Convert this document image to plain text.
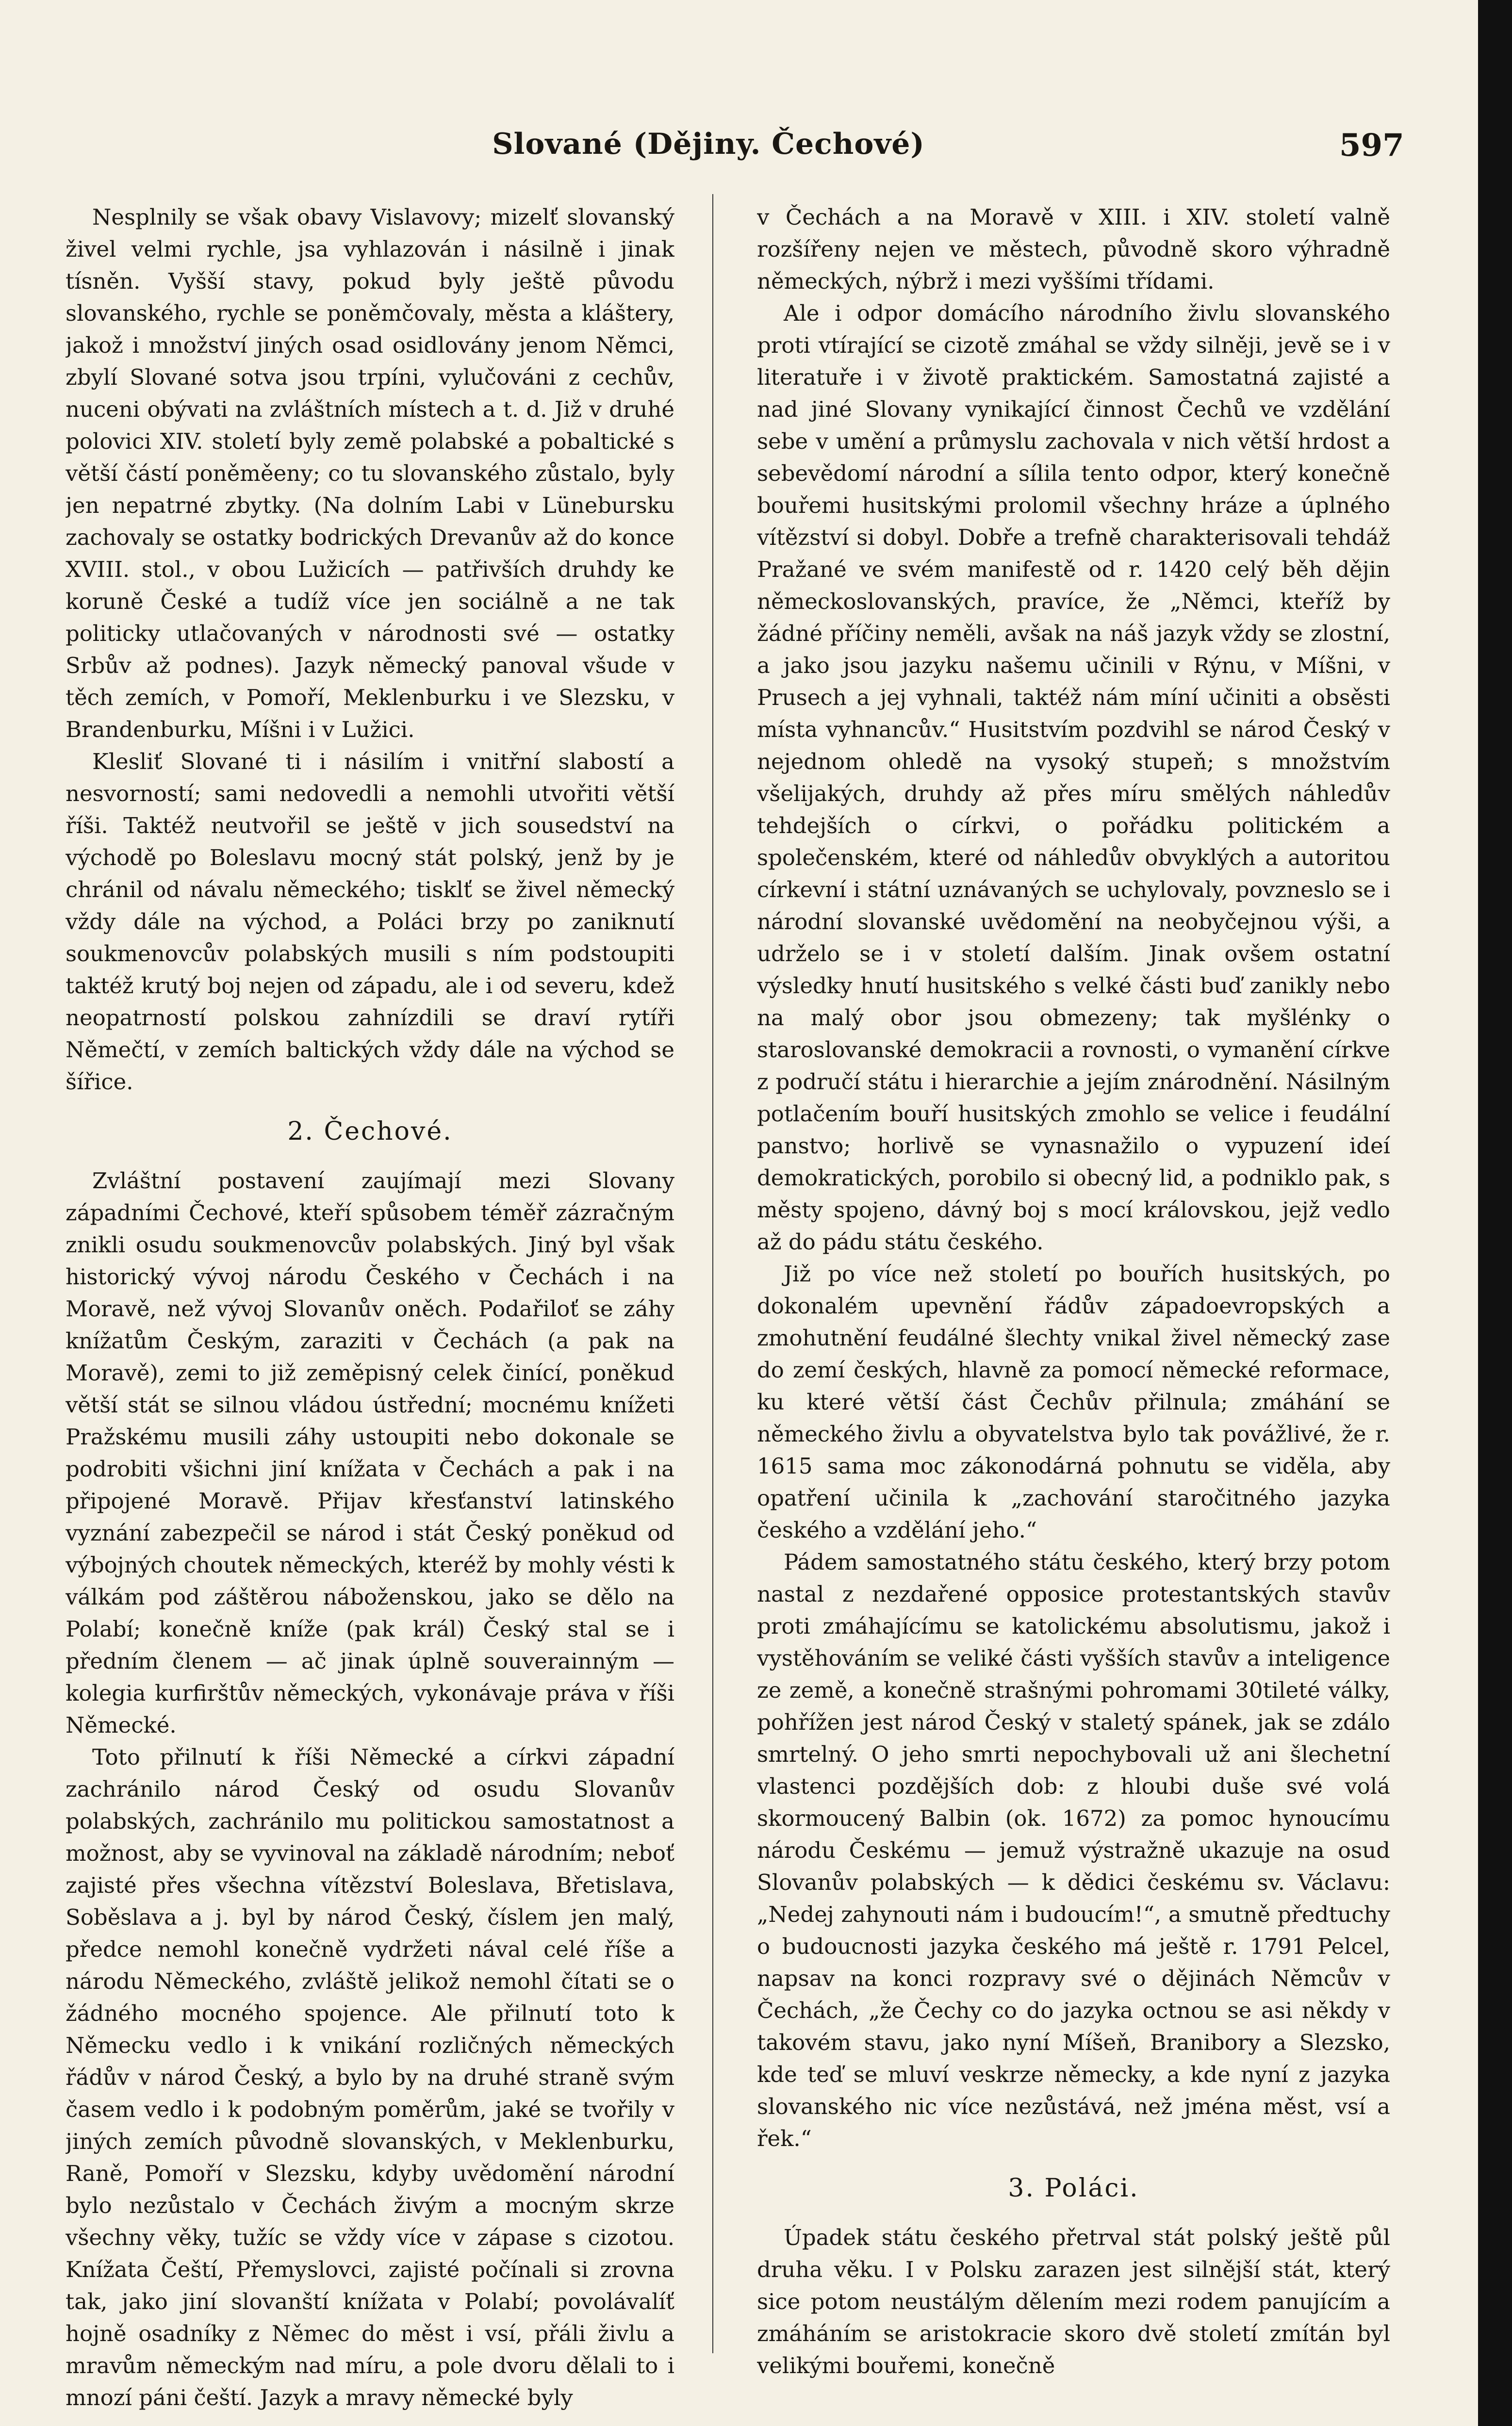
Slované (Dějiny. Čechové)	597

Nesplnily se však obavy Vislavovy; mizelť slovanský živel velmi rychle, jsa vyhlazován i násilně i jinak tísněn. Vyšší stavy, pokud byly ještě původu slovanského, rychle se poněmčovaly, města a kláštery, jakož i množství jiných osad osidlovány jenom Němci, zbylí Slované sotva jsou trpíni, vylučováni z cechův, nuceni obývati na zvláštních místech a t. d. Již v druhé polovici XIV. století byly země polabské a pobaltické s větší částí poněměeny; co tu slovanského zůstalo, byly jen nepatrné zbytky. (Na dolním Labi v Lünebursku zachovaly se ostatky bodrických Drevanův až do konce XVIII. stol., v obou Lužicích — patřivších druhdy ke koruně České a tudíž více jen sociálně a ne tak politicky utlačovaných v národnosti své — ostatky Srbův až podnes). Jazyk německý panoval všude v těch zemích, v Pomoří, Meklenburku i ve Slezsku, v Brandenburku, Míšni i v Lužici.

Klesliť Slované ti i násilím i vnitřní slabostí a nesvorností; sami nedovedli a nemohli utvořiti větší říši. Taktéž neutvořil se ještě v jich sousedství na východě po Boleslavu mocný stát polský, jenž by je chránil od návalu německého; tisklť se živel německý vždy dále na východ, a Poláci brzy po zaniknutí soukmenovcův polabských musili s ním podstoupiti taktéž krutý boj nejen od západu, ale i od severu, kdež neopatrností polskou zahnízdili se draví rytíři Němečtí, v zemích baltických vždy dále na východ se šířice.

2. Čechové.

Zvláštní postavení zaujímají mezi Slovany západními Čechové, kteří spůsobem téměř zázračným znikli osudu soukmenovcův polabských. Jiný byl však historický vývoj národu Českého v Čechách i na Moravě, než vývoj Slovanův oněch. Podařiloť se záhy knížatům Českým, zaraziti v Čechách (a pak na Moravě), zemi to již zeměpisný celek činící, poněkud větší stát se silnou vládou ústřední; mocnému knížeti Pražskému musili záhy ustoupiti nebo dokonale se podrobiti všichni jiní knížata v Čechách a pak i na připojené Moravě. Přijav křesťanství latinského vyznání zabezpečil se národ i stát Český poněkud od výbojných choutek německých, kteréž by mohly vésti k válkám pod záštěrou náboženskou, jako se dělo na Polabí; konečně kníže (pak král) Český stal se i předním členem — ač jinak úplně souverainným — kolegia kurfirštův německých, vykonávaje práva v říši Německé.

Toto přilnutí k říši Německé a církvi západní zachránilo národ Český od osudu Slovanův polabských, zachránilo mu politickou samostatnost a možnost, aby se vyvinoval na základě národním; neboť zajisté přes všechna vítězství Boleslava, Břetislava, Soběslava a j. byl by národ Český, číslem jen malý, předce nemohl konečně vydržeti nával celé říše a národu Německého, zvláště jelikož nemohl čítati se o žádného mocného spojence. Ale přilnutí toto k Německu vedlo i k vnikání rozličných německých řádův v národ Český, a bylo by na druhé straně svým časem vedlo i k podobným poměrům, jaké se tvořily v jiných zemích původně slovanských, v Meklenburku, Raně, Pomoří v Slezsku, kdyby uvědomění národní bylo nezůstalo v Čechách živým a mocným skrze všechny věky, tužíc se vždy více v zápase s cizotou. Knížata Čeští, Přemyslovci, zajisté počínali si zrovna tak, jako jiní slovanští knížata v Polabí; povolávalíť hojně osadníky z Němec do měst i vsí, přáli živlu a mravům německým nad míru, a pole dvoru dělali to i mnozí páni čeští. Jazyk a mravy německé byly

v Čechách a na Moravě v XIII. i XIV. století valně rozšířeny nejen ve městech, původně skoro výhradně německých, nýbrž i mezi vyššími třídami.

Ale i odpor domácího národního živlu slovanského proti vtírající se cizotě zmáhal se vždy silněji, jevě se i v literatuře i v životě praktickém. Samostatná zajisté a nad jiné Slovany vynikající činnost Čechů ve vzdělání sebe v umění a průmyslu zachovala v nich větší hrdost a sebevědomí národní a sílila tento odpor, který konečně bouřemi husitskými prolomil všechny hráze a úplného vítězství si dobyl. Dobře a trefně charakterisovali tehdáž Pražané ve svém manifestě od r. 1420 celý běh dějin německoslovanských, pravíce, že „Němci, kteříž by žádné příčiny neměli, avšak na náš jazyk vždy se zlostní, a jako jsou jazyku našemu učinili v Rýnu, v Míšni, v Prusech a jej vyhnali, taktéž nám míní učiniti a obsěsti místa vyhnancův.“ Husitstvím pozdvihl se národ Český v nejednom ohledě na vysoký stupeň; s množstvím všelijakých, druhdy až přes míru smělých náhledův tehdejších o církvi, o pořádku politickém a společenském, které od náhledův obvyklých a autoritou církevní i státní uznávaných se uchylovaly, povzneslo se i národní slovanské uvědomění na neobyčejnou výši, a udrželo se i v století dalším. Jinak ovšem ostatní výsledky hnutí husitského s velké části buď zanikly nebo na malý obor jsou obmezeny; tak myšlénky o staroslovanské demokracii a rovnosti, o vymanění církve z područí státu i hierarchie a jejím znárodnění. Násilným potlačením bouří husitských zmohlo se velice i feudální panstvo; horlivě se vynasnažilo o vypuzení ideí demokratických, porobilo si obecný lid, a podniklo pak, s městy spojeno, dávný boj s mocí královskou, jejž vedlo až do pádu státu českého.

Již po více než století po bouřích husitských, po dokonalém upevnění řádův západoevropských a zmohutnění feudálné šlechty vnikal živel německý zase do zemí českých, hlavně za pomocí německé reformace, ku které větší část Čechův přilnula; zmáhání se německého živlu a obyvatelstva bylo tak povážlivé, že r. 1615 sama moc zákonodárná pohnutu se viděla, aby opatření učinila k „zachování staročitného jazyka českého a vzdělání jeho.“

Pádem samostatného státu českého, který brzy potom nastal z nezdařené opposice protestantských stavův proti zmáhajícímu se katolickému absolutismu, jakož i vystěhováním se veliké části vyšších stavův a inteligence ze země, a konečně strašnými pohromami 30tileté války, pohřížen jest národ Český v staletý spánek, jak se zdálo smrtelný. O jeho smrti nepochybovali už ani šlechetní vlastenci pozdějších dob: z hloubi duše své volá skormoucený Balbin (ok. 1672) za pomoc hynoucímu národu Českému — jemuž výstražně ukazuje na osud Slovanův polabských — k dědici českému sv. Václavu: „Nedej zahynouti nám i budoucím!“, a smutně předtuchy o budoucnosti jazyka českého má ještě r. 1791 Pelcel, napsav na konci rozpravy své o dějinách Němcův v Čechách, „že Čechy co do jazyka octnou se asi někdy v takovém stavu, jako nyní Míšeň, Branibory a Slezsko, kde teď se mluví veskrze německy, a kde nyní z jazyka slovanského nic více nezůstává, než jména měst, vsí a řek.“

3. Poláci.

Úpadek státu českého přetrval stát polský ještě půl druha věku. I v Polsku zarazen jest silnější stát, který sice potom neustálým dělením mezi rodem panujícím a zmáháním se aristokracie skoro dvě století zmítán byl velikými bouřemi, konečně
